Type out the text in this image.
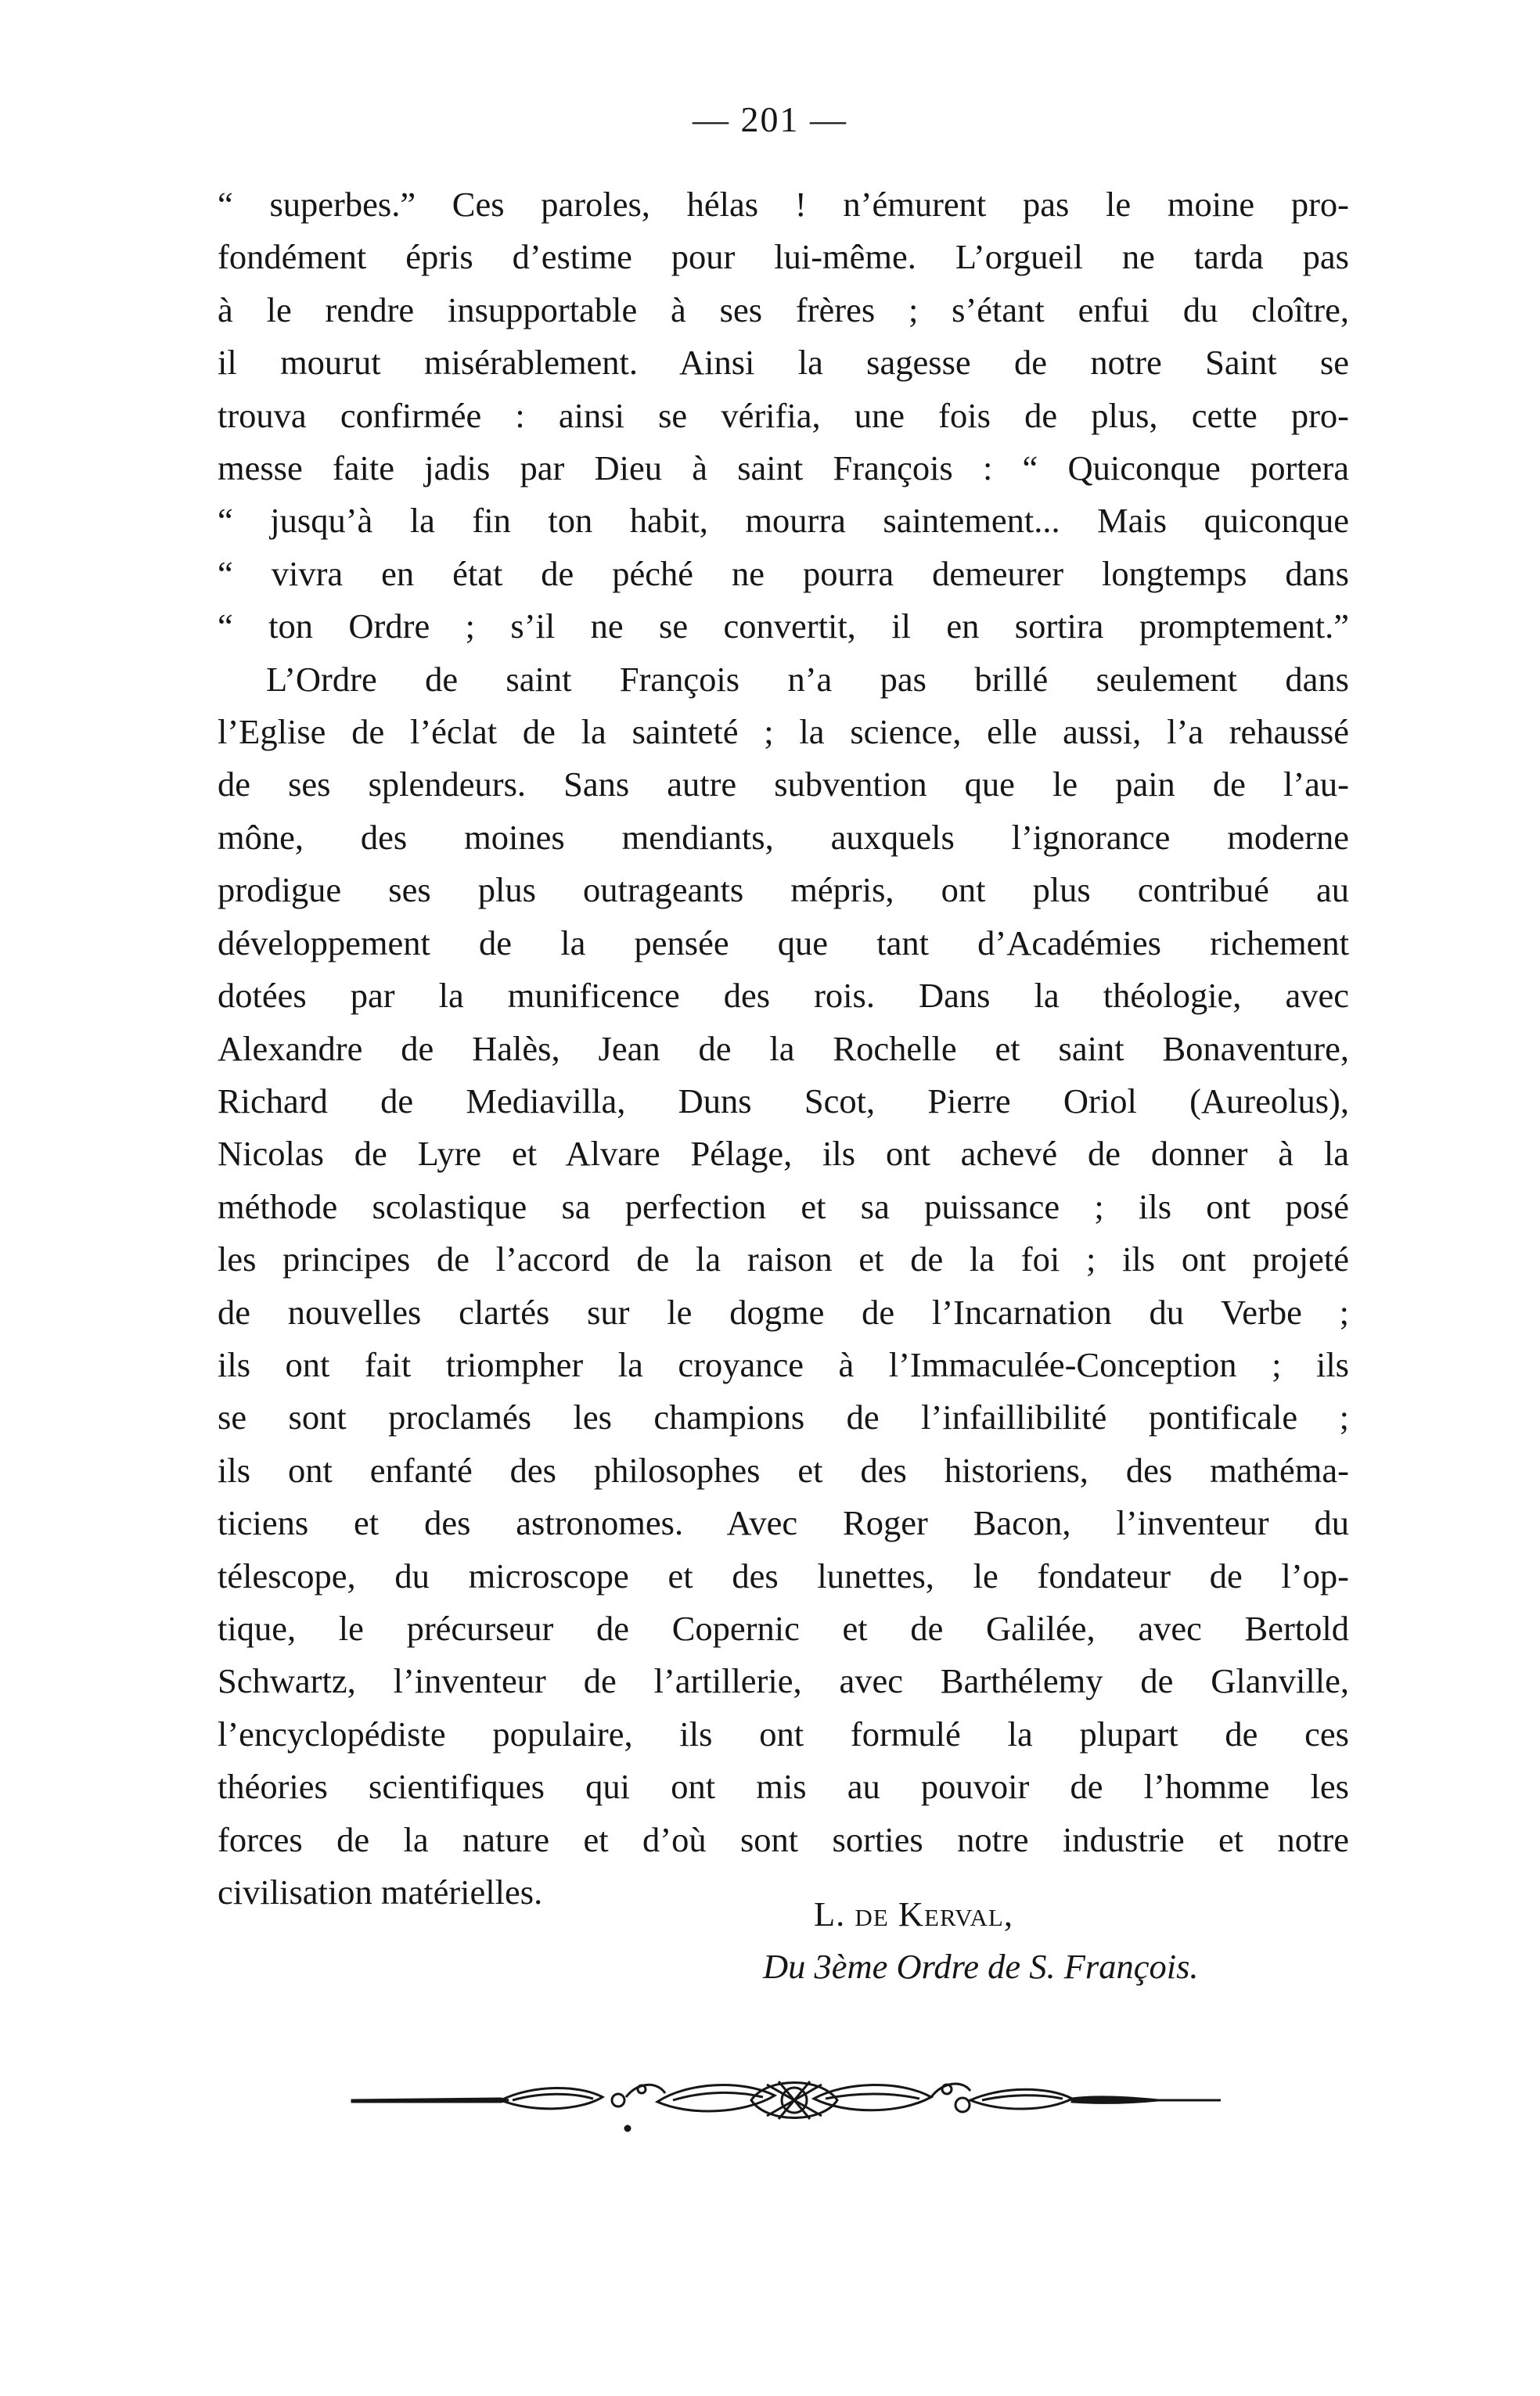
— 201 —
“ superbes.” Ces paroles, hélas ! n’émurent pas le moine pro-
fondément épris d’estime pour lui-même. L’orgueil ne tarda pas
à le rendre insupportable à ses frères ; s’étant enfui du cloître,
il mourut misérablement. Ainsi la sagesse de notre Saint se
trouva confirmée : ainsi se vérifia, une fois de plus, cette pro-
messe faite jadis par Dieu à saint François : “ Quiconque portera
“ jusqu’à la fin ton habit, mourra saintement... Mais quiconque
“ vivra en état de péché ne pourra demeurer longtemps dans
“ ton Ordre ; s’il ne se convertit, il en sortira promptement.”
L’Ordre de saint François n’a pas brillé seulement dans
l’Eglise de l’éclat de la sainteté ; la science, elle aussi, l’a rehaussé
de ses splendeurs. Sans autre subvention que le pain de l’au-
mône, des moines mendiants, auxquels l’ignorance moderne
prodigue ses plus outrageants mépris, ont plus contribué au
développement de la pensée que tant d’Académies richement
dotées par la munificence des rois. Dans la théologie, avec
Alexandre de Halès, Jean de la Rochelle et saint Bonaventure,
Richard de Mediavilla, Duns Scot, Pierre Oriol (Aureolus),
Nicolas de Lyre et Alvare Pélage, ils ont achevé de donner à la
méthode scolastique sa perfection et sa puissance ; ils ont posé
les principes de l’accord de la raison et de la foi ; ils ont projeté
de nouvelles clartés sur le dogme de l’Incarnation du Verbe ;
ils ont fait triompher la croyance à l’Immaculée-Conception ; ils
se sont proclamés les champions de l’infaillibilité pontificale ;
ils ont enfanté des philosophes et des historiens, des mathéma-
ticiens et des astronomes. Avec Roger Bacon, l’inventeur du
télescope, du microscope et des lunettes, le fondateur de l’op-
tique, le précurseur de Copernic et de Galilée, avec Bertold
Schwartz, l’inventeur de l’artillerie, avec Barthélemy de Glanville,
l’encyclopédiste populaire, ils ont formulé la plupart de ces
théories scientifiques qui ont mis au pouvoir de l’homme les
forces de la nature et d’où sont sorties notre industrie et notre
civilisation matérielles.
L. de Kerval,
Du 3ème Ordre de S. François.
